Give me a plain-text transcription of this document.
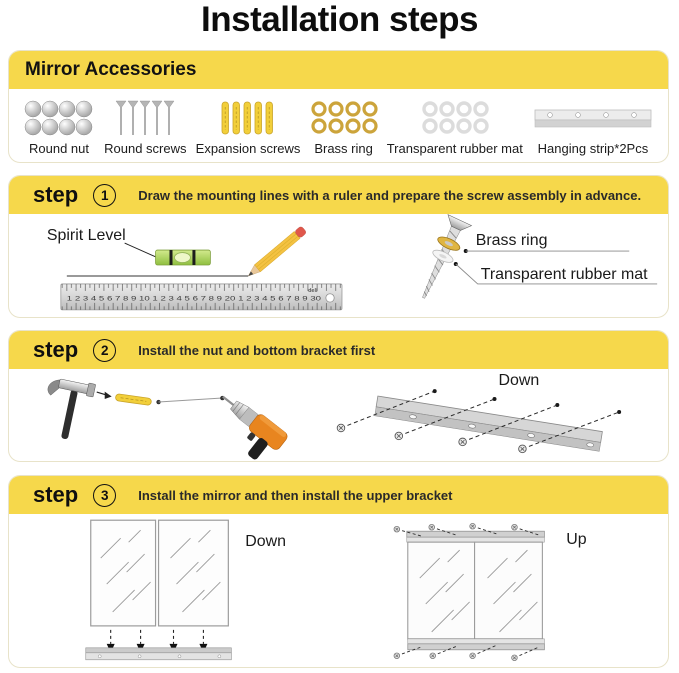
Installation steps
Mirror Accessories
Round nut Round screws Expansion screws Brass ring Transparent rubber mat Hanging strip*2Pcs
step	1	Draw the mounting lines with a ruler and prepare the screw assembly in advance.
Spirit Level
1 2 3 4 5 6 7 8 9 10 1 2 3 4 5 6 7 8 9 20 1 2 3 4 5 6 7 8 9 30
deli
Brass ring
Transparent rubber mat
step	2	Install the nut and bottom bracket first
Down
step	3	Install the mirror and then install the upper bracket
Down	Up
